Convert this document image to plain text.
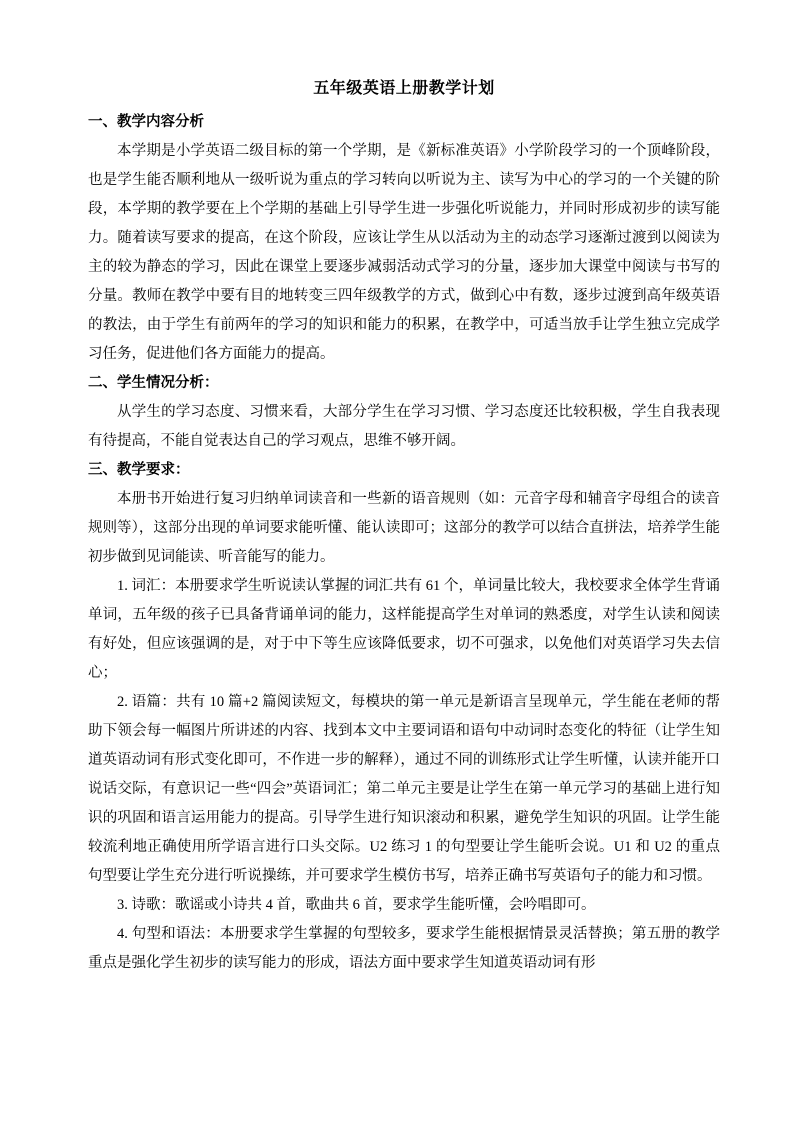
五年级英语上册教学计划

一、教学内容分析

本学期是小学英语二级目标的第一个学期，是《新标准英语》小学阶段学习的一个顶峰阶段，也是学生能否顺利地从一级听说为重点的学习转向以听说为主、读写为中心的学习的一个关键的阶段，本学期的教学要在上个学期的基础上引导学生进一步强化听说能力，并同时形成初步的读写能力。随着读写要求的提高，在这个阶段，应该让学生从以活动为主的动态学习逐渐过渡到以阅读为主的较为静态的学习，因此在课堂上要逐步减弱活动式学习的分量，逐步加大课堂中阅读与书写的分量。教师在教学中要有目的地转变三四年级教学的方式，做到心中有数，逐步过渡到高年级英语的教法，由于学生有前两年的学习的知识和能力的积累，在教学中，可适当放手让学生独立完成学习任务，促进他们各方面能力的提高。

二、学生情况分析：

从学生的学习态度、习惯来看，大部分学生在学习习惯、学习态度还比较积极，学生自我表现有待提高，不能自觉表达自己的学习观点，思维不够开阔。

三、教学要求：

本册书开始进行复习归纳单词读音和一些新的语音规则（如：元音字母和辅音字母组合的读音规则等），这部分出现的单词要求能听懂、能认读即可；这部分的教学可以结合直拼法，培养学生能初步做到见词能读、听音能写的能力。

1. 词汇：本册要求学生听说读认掌握的词汇共有 61 个，单词量比较大，我校要求全体学生背诵单词，五年级的孩子已具备背诵单词的能力，这样能提高学生对单词的熟悉度，对学生认读和阅读有好处，但应该强调的是，对于中下等生应该降低要求，切不可强求，以免他们对英语学习失去信心；

2. 语篇：共有 10 篇+2 篇阅读短文，每模块的第一单元是新语言呈现单元，学生能在老师的帮助下领会每一幅图片所讲述的内容、找到本文中主要词语和语句中动词时态变化的特征（让学生知道英语动词有形式变化即可，不作进一步的解释），通过不同的训练形式让学生听懂，认读并能开口说话交际，有意识记一些“四会”英语词汇；第二单元主要是让学生在第一单元学习的基础上进行知识的巩固和语言运用能力的提高。引导学生进行知识滚动和积累，避免学生知识的巩固。让学生能较流利地正确使用所学语言进行口头交际。U2 练习 1 的句型要让学生能听会说。U1 和 U2 的重点句型要让学生充分进行听说操练，并可要求学生模仿书写，培养正确书写英语句子的能力和习惯。

3. 诗歌：歌谣或小诗共 4 首，歌曲共 6 首，要求学生能听懂，会吟唱即可。

4. 句型和语法：本册要求学生掌握的句型较多，要求学生能根据情景灵活替换；第五册的教学重点是强化学生初步的读写能力的形成，语法方面中要求学生知道英语动词有形
